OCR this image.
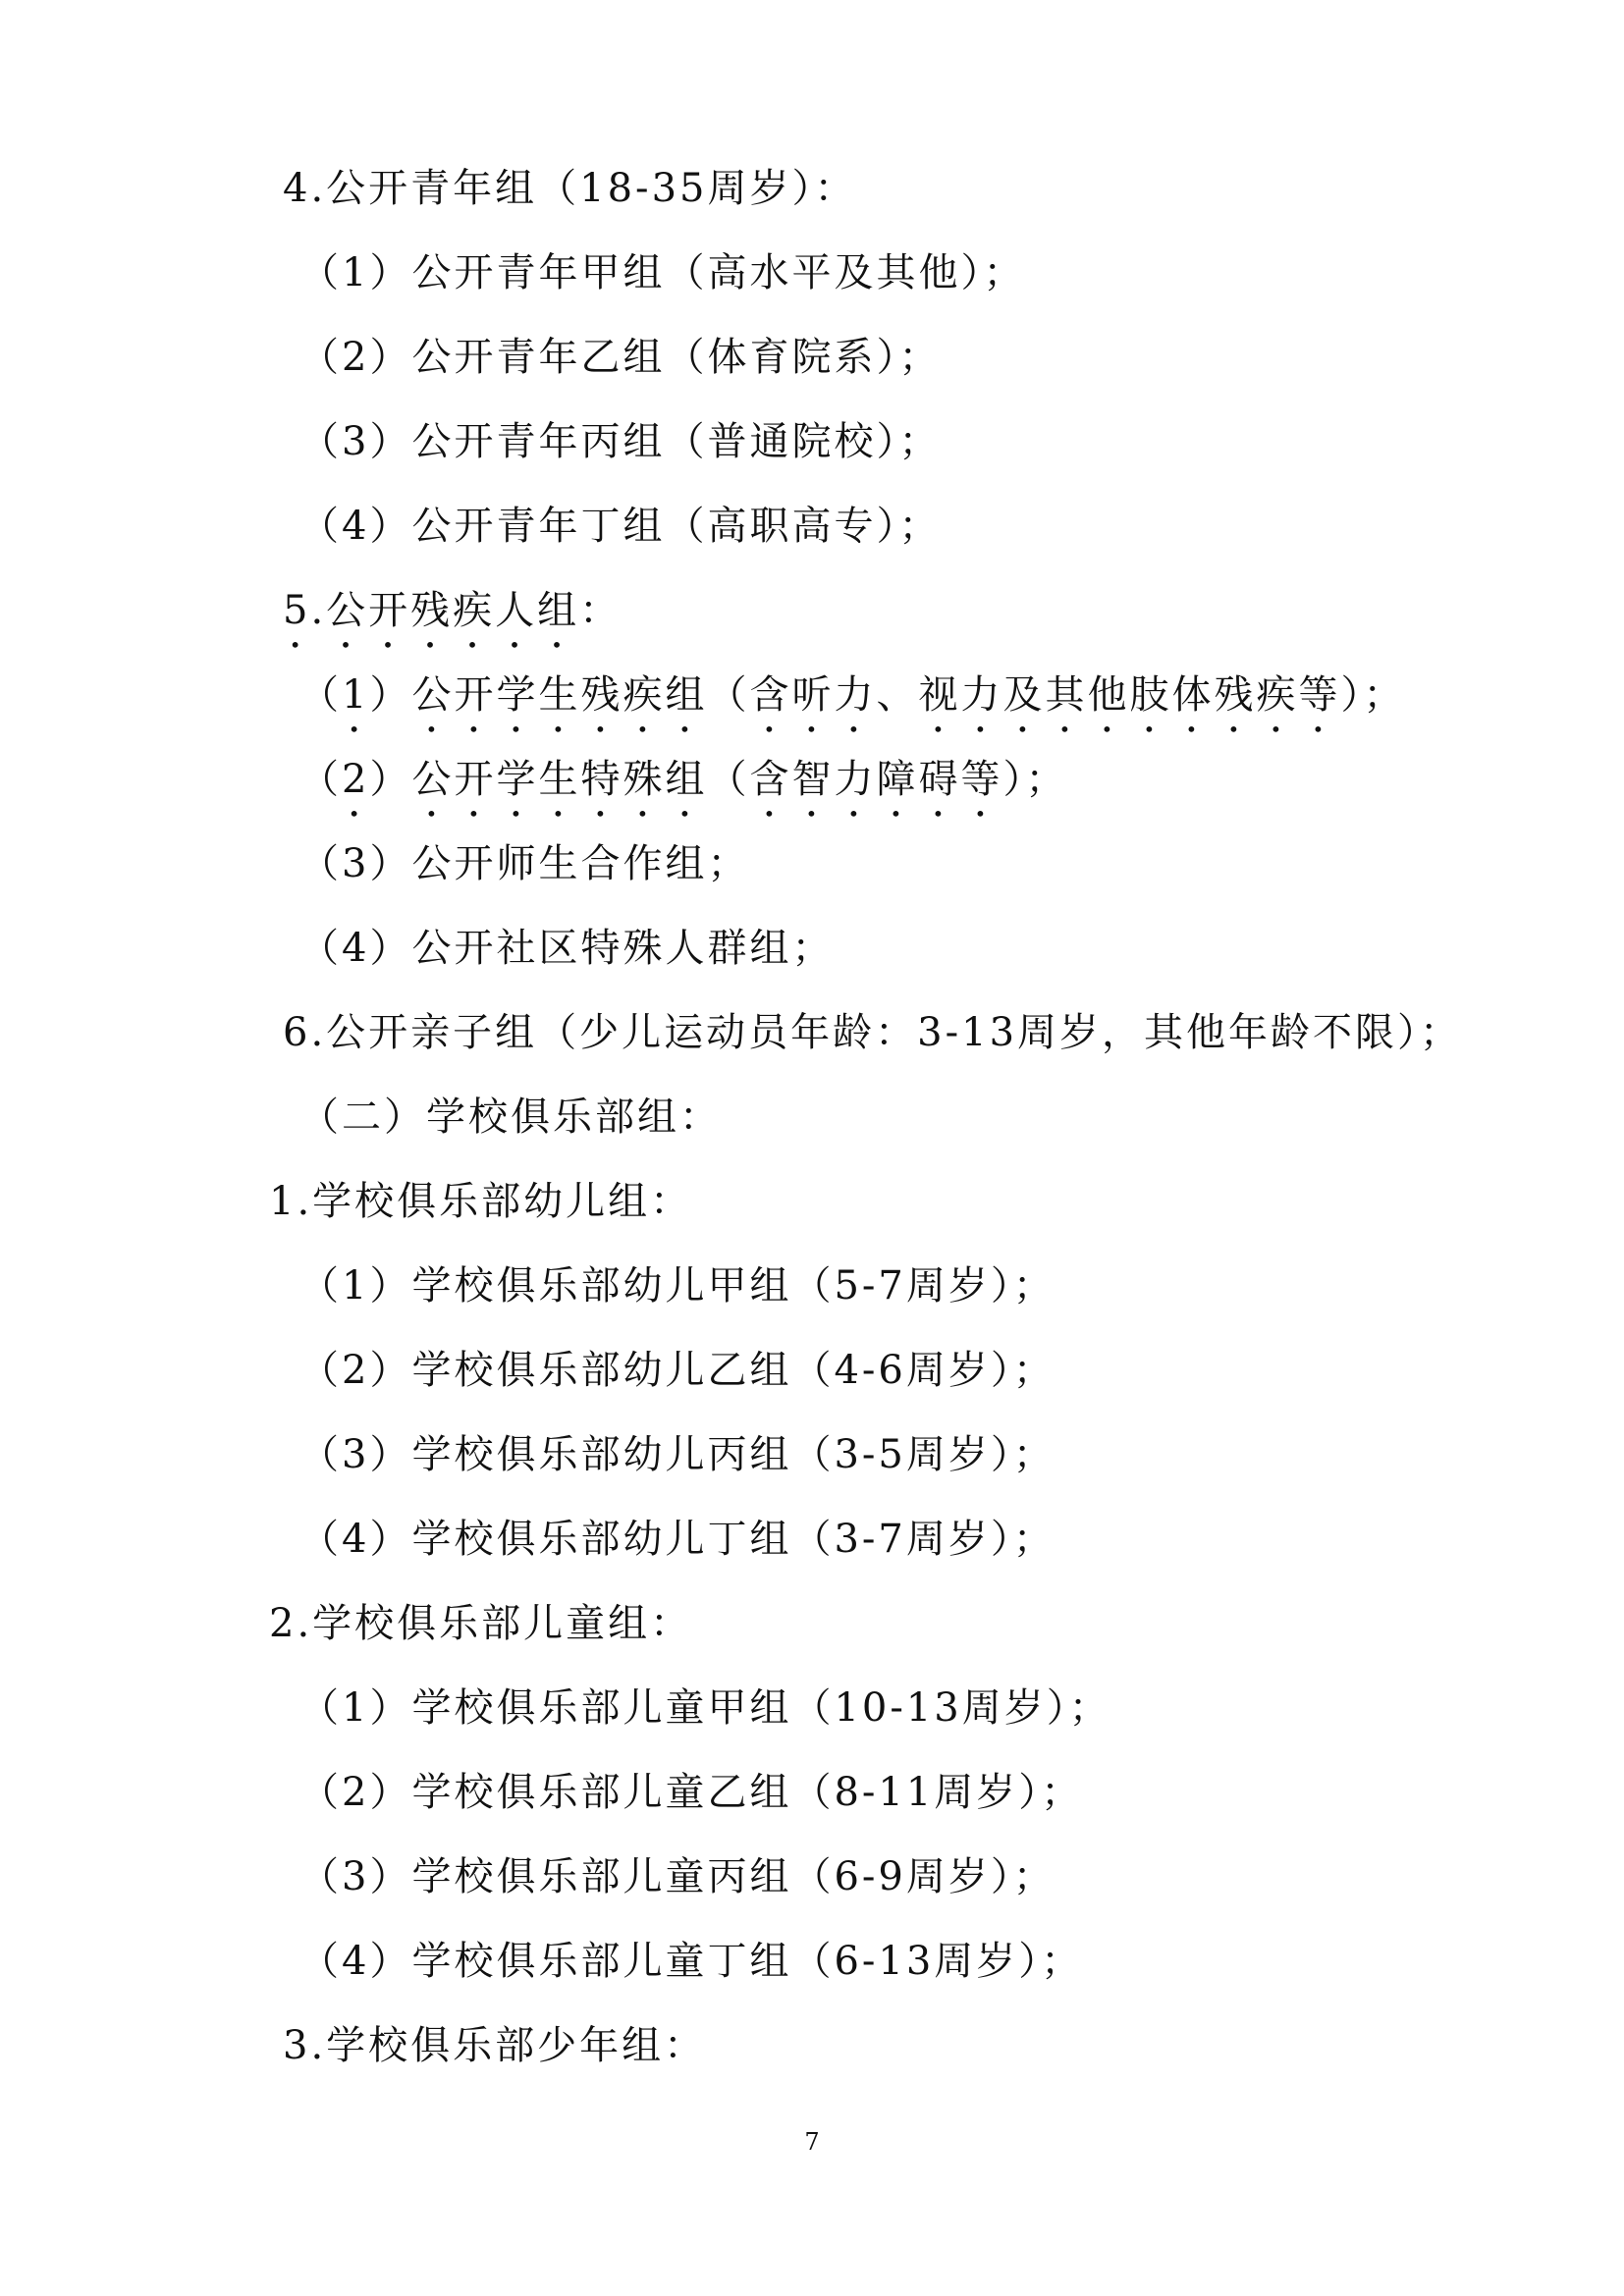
4.公开青年组（18-35周岁）：
（1）公开青年甲组（高水平及其他）；
（2）公开青年乙组（体育院系）；
（3）公开青年丙组（普通院校）；
（4）公开青年丁组（高职高专）；
5.公开残疾人组：
（1）公开学生残疾组（含听力、视力及其他肢体残疾等）；
（2）公开学生特殊组（含智力障碍等）；
（3）公开师生合作组；
（4）公开社区特殊人群组；
6.公开亲子组（少儿运动员年龄：3-13周岁，其他年龄不限）；
（二）学校俱乐部组：
1.学校俱乐部幼儿组：
（1）学校俱乐部幼儿甲组（5-7周岁）；
（2）学校俱乐部幼儿乙组（4-6周岁）；
（3）学校俱乐部幼儿丙组（3-5周岁）；
（4）学校俱乐部幼儿丁组（3-7周岁）；
2.学校俱乐部儿童组：
（1）学校俱乐部儿童甲组（10-13周岁）；
（2）学校俱乐部儿童乙组（8-11周岁）；
（3）学校俱乐部儿童丙组（6-9周岁）；
（4）学校俱乐部儿童丁组（6-13周岁）；
3.学校俱乐部少年组：
7
